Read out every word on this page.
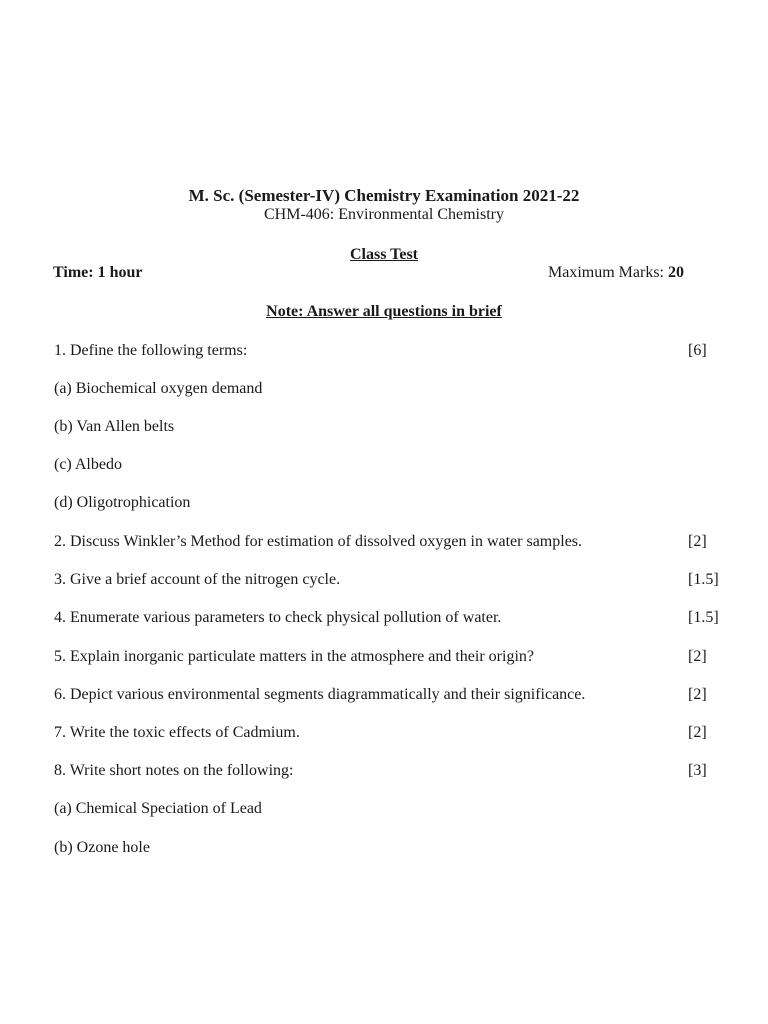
M. Sc. (Semester-IV) Chemistry Examination 2021-22
CHM-406: Environmental Chemistry
Class Test
Time: 1 hour	Maximum Marks: 20
Note: Answer all questions in brief
1. Define the following terms:	[6]
(a) Biochemical oxygen demand
(b) Van Allen belts
(c) Albedo
(d) Oligotrophication
2. Discuss Winkler’s Method for estimation of dissolved oxygen in water samples.	[2]
3. Give a brief account of the nitrogen cycle.	[1.5]
4. Enumerate various parameters to check physical pollution of water.	[1.5]
5. Explain inorganic particulate matters in the atmosphere and their origin?	[2]
6. Depict various environmental segments diagrammatically and their significance.	[2]
7. Write the toxic effects of Cadmium.	[2]
8. Write short notes on the following:	[3]
(a) Chemical Speciation of Lead
(b) Ozone hole
